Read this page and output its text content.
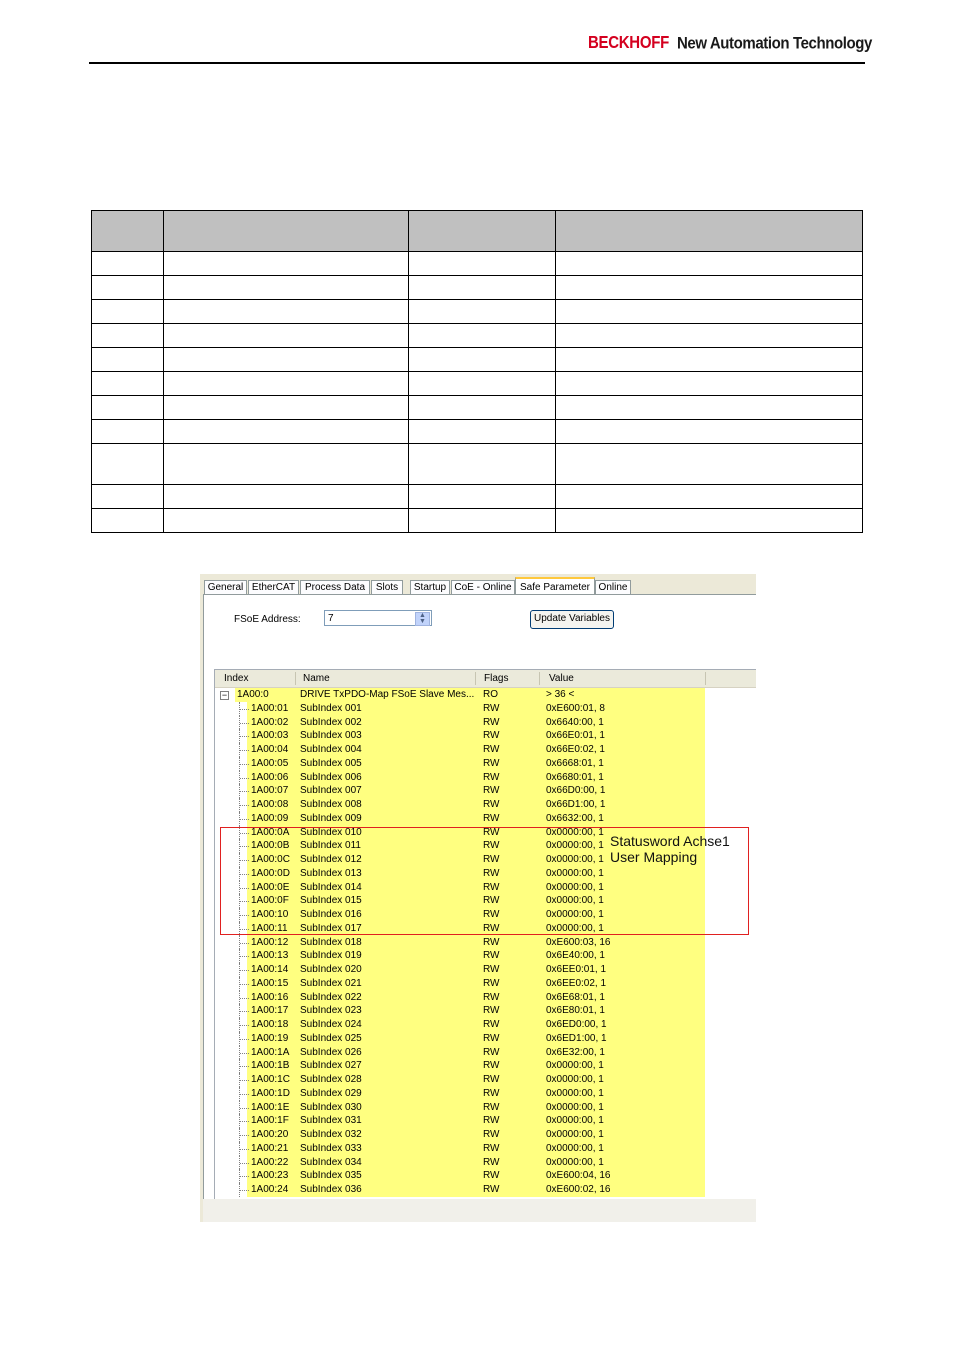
BECKHOFF New Automation Technology

General EtherCAT Process Data	Slots	Startup CoE - Online Safe Parameter Online
FSoE Address:	7	▲
▼	Update Variables
Index	Name	Flags	Value
− 1A00:0	DRIVE TxPDO-Map FSoE Slave Mes... RO	> 36 <
1A00:01 SubIndex 001	RW	0xE600:01, 8
1A00:02 SubIndex 002	RW	0x6640:00, 1
1A00:03 SubIndex 003	RW	0x66E0:01, 1
1A00:04 SubIndex 004	RW	0x66E0:02, 1
1A00:05 SubIndex 005	RW	0x6668:01, 1
1A00:06 SubIndex 006	RW	0x6680:01, 1
1A00:07 SubIndex 007	RW	0x66D0:00, 1
1A00:08 SubIndex 008	RW	0x66D1:00, 1
1A00:09 SubIndex 009	RW	0x6632:00, 1
1A00:0A SubIndex 010	RW	0x0000:00, 1
1A00:0B SubIndex 011	RW	0x0000:00, 1
1A00:0C SubIndex 012	RW	0x0000:00, 1
1A00:0D SubIndex 013	RW	0x0000:00, 1
1A00:0E SubIndex 014	RW	0x0000:00, 1
1A00:0F SubIndex 015	RW	0x0000:00, 1
1A00:10 SubIndex 016	RW	0x0000:00, 1
1A00:11 SubIndex 017	RW	0x0000:00, 1
1A00:12 SubIndex 018	RW	0xE600:03, 16
1A00:13 SubIndex 019	RW	0x6E40:00, 1
1A00:14 SubIndex 020	RW	0x6EE0:01, 1
1A00:15 SubIndex 021	RW	0x6EE0:02, 1
1A00:16 SubIndex 022	RW	0x6E68:01, 1
1A00:17 SubIndex 023	RW	0x6E80:01, 1
1A00:18 SubIndex 024	RW	0x6ED0:00, 1
1A00:19 SubIndex 025	RW	0x6ED1:00, 1
1A00:1A SubIndex 026	RW	0x6E32:00, 1
1A00:1B SubIndex 027	RW	0x0000:00, 1
1A00:1C SubIndex 028	RW	0x0000:00, 1
1A00:1D SubIndex 029	RW	0x0000:00, 1
1A00:1E SubIndex 030	RW	0x0000:00, 1
1A00:1F SubIndex 031	RW	0x0000:00, 1
1A00:20 SubIndex 032	RW	0x0000:00, 1
1A00:21 SubIndex 033	RW	0x0000:00, 1
1A00:22 SubIndex 034	RW	0x0000:00, 1
1A00:23 SubIndex 035	RW	0xE600:04, 16
1A00:24 SubIndex 036	RW	0xE600:02, 16
Statusword Achse1
User Mapping
